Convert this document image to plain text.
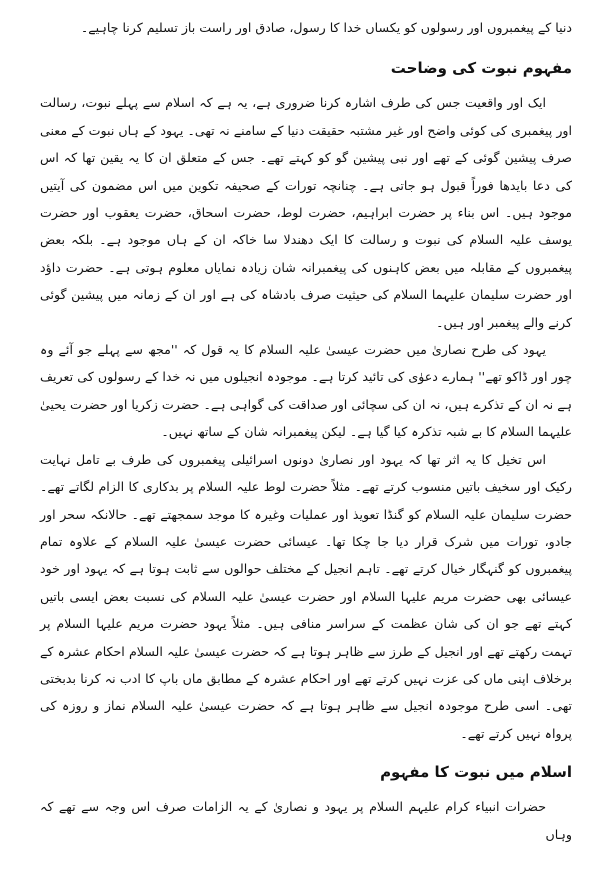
دنیا کے پیغمبروں اور رسولوں کو یکساں خدا کا رسول، صادق اور راست باز تسلیم کرنا چاہیے۔

مفہوم نبوت کی وضاحت

ایک اور واقعیت جس کی طرف اشارہ کرنا ضروری ہے، یہ ہے کہ اسلام سے پہلے نبوت، رسالت اور پیغمبری کی کوئی واضح اور غیر مشتبہ حقیقت دنیا کے سامنے نہ تھی۔ یہود کے ہاں نبوت کے معنی صرف پیشین گوئی کے تھے اور نبی پیشین گو کو کہتے تھے۔ جس کے متعلق ان کا یہ یقین تھا کہ اس کی دعا بایدھا فوراً قبول ہو جاتی ہے۔ چنانچہ تورات کے صحیفہ تکوین میں اس مضمون کی آیتیں موجود ہیں۔ اس بناء پر حضرت ابراہیم، حضرت لوط، حضرت اسحاق، حضرت یعقوب اور حضرت یوسف علیہ السلام کی نبوت و رسالت کا ایک دھندلا سا خاکہ ان کے ہاں موجود ہے۔ بلکہ بعض پیغمبروں کے مقابلہ میں بعض کاہنوں کی پیغمبرانہ شان زیادہ نمایاں معلوم ہوتی ہے۔ حضرت داؤد اور حضرت سلیمان علیہما السلام کی حیثیت صرف بادشاہ کی ہے اور ان کے زمانہ میں پیشین گوئی کرنے والے پیغمبر اور ہیں۔

یہود کی طرح نصاریٰ میں حضرت عیسیٰ علیہ السلام کا یہ قول کہ ''مجھ سے پہلے جو آئے وہ چور اور ڈاکو تھے'' ہمارے دعوٰی کی تائید کرتا ہے۔ موجودہ انجیلوں میں نہ خدا کے رسولوں کی تعریف ہے نہ ان کے تذکرے ہیں، نہ ان کی سچائی اور صداقت کی گواہی ہے۔ حضرت زکریا اور حضرت یحییٰ علیہما السلام کا بے شبہ تذکرہ کیا گیا ہے۔ لیکن پیغمبرانہ شان کے ساتھ نہیں۔

اس تخیل کا یہ اثر تھا کہ یہود اور نصاریٰ دونوں اسرائیلی پیغمبروں کی طرف بے تامل نہایت رکیک اور سخیف باتیں منسوب کرتے تھے۔ مثلاً حضرت لوط علیہ السلام پر بدکاری کا الزام لگاتے تھے۔ حضرت سلیمان علیہ السلام کو گنڈا تعویذ اور عملیات وغیرہ کا موجد سمجھتے تھے۔ حالانکہ سحر اور جادو، تورات میں شرک قرار دیا جا چکا تھا۔ عیسائی حضرت عیسیٰ علیہ السلام کے علاوہ تمام پیغمبروں کو گنہگار خیال کرتے تھے۔ تاہم انجیل کے مختلف حوالوں سے ثابت ہوتا ہے کہ یہود اور خود عیسائی بھی حضرت مریم علیہا السلام اور حضرت عیسیٰ علیہ السلام کی نسبت بعض ایسی باتیں کہتے تھے جو ان کی شان عظمت کے سراسر منافی ہیں۔ مثلاً یہود حضرت مریم علیہا السلام پر تہمت رکھتے تھے اور انجیل کے طرز سے ظاہر ہوتا ہے کہ حضرت عیسیٰ علیہ السلام احکام عشرہ کے برخلاف اپنی ماں کی عزت نہیں کرتے تھے اور احکام عشرہ کے مطابق ماں باپ کا ادب نہ کرنا بدبختی تھی۔ اسی طرح موجودہ انجیل سے ظاہر ہوتا ہے کہ حضرت عیسیٰ علیہ السلام نماز و روزہ کی پرواہ نہیں کرتے تھے۔

اسلام میں نبوت کا مفہوم

حضرات انبیاء کرام علیہم السلام پر یہود و نصاریٰ کے یہ الزامات صرف اس وجہ سے تھے کہ وہاں
